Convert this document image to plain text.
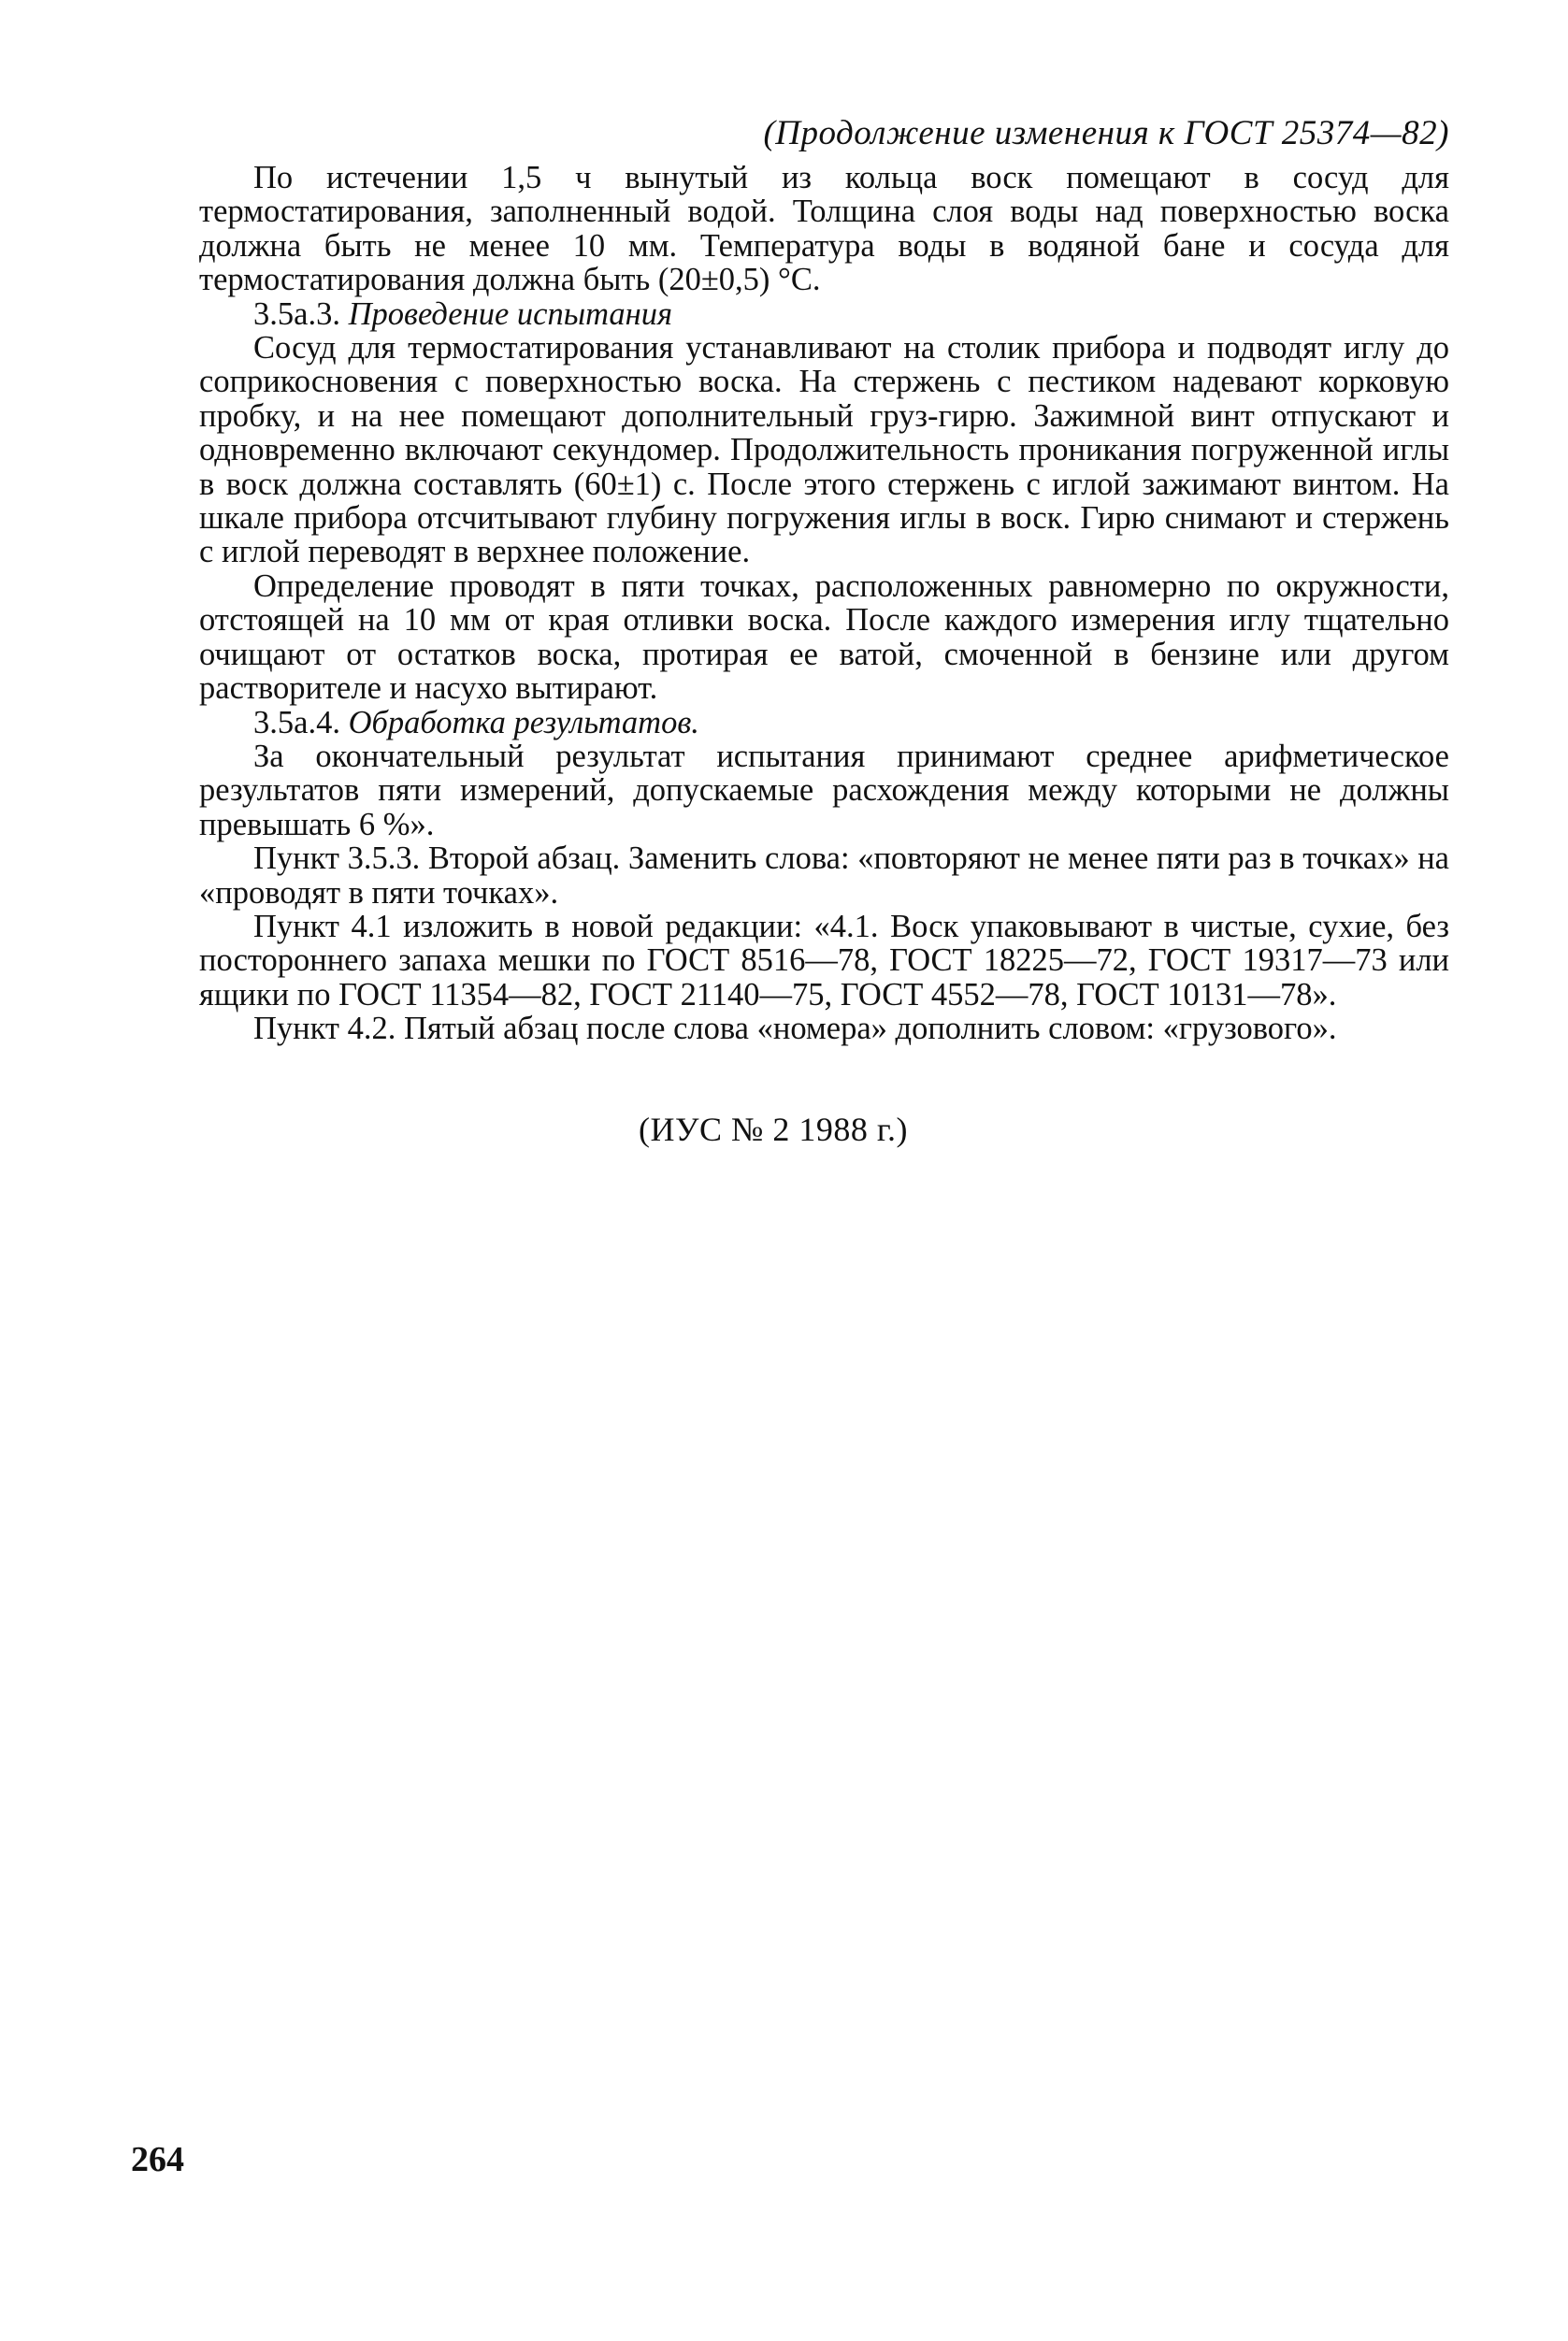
(Продолжение изменения к ГОСТ 25374—82)

По истечении 1,5 ч вынутый из кольца воск помещают в сосуд для термостатирования, заполненный водой. Толщина слоя воды над поверхностью воска должна быть не менее 10 мм. Температура воды в водяной бане и сосуда для термостатирования должна быть (20±0,5) °С.

3.5а.3. Проведение испытания

Сосуд для термостатирования устанавливают на столик прибора и подводят иглу до соприкосновения с поверхностью воска. На стержень с пестиком надевают корковую пробку, и на нее помещают дополнительный груз-гирю. Зажимной винт отпускают и одновременно включают секундомер. Продолжительность проникания погруженной иглы в воск должна составлять (60±1) с. После этого стержень с иглой зажимают винтом. На шкале прибора отсчитывают глубину погружения иглы в воск. Гирю снимают и стержень с иглой переводят в верхнее положение.

Определение проводят в пяти точках, расположенных равномерно по окружности, отстоящей на 10 мм от края отливки воска. После каждого измерения иглу тщательно очищают от остатков воска, протирая ее ватой, смоченной в бензине или другом растворителе и насухо вытирают.

3.5а.4. Обработка результатов.

За окончательный результат испытания принимают среднее арифметическое результатов пяти измерений, допускаемые расхождения между которыми не должны превышать 6 %».

Пункт 3.5.3. Второй абзац. Заменить слова: «повторяют не менее пяти раз в точках» на «проводят в пяти точках».

Пункт 4.1 изложить в новой редакции: «4.1. Воск упаковывают в чистые, сухие, без постороннего запаха мешки по ГОСТ 8516—78, ГОСТ 18225—72, ГОСТ 19317—73 или ящики по ГОСТ 11354—82, ГОСТ 21140—75, ГОСТ 4552—78, ГОСТ 10131—78».

Пункт 4.2. Пятый абзац после слова «номера» дополнить словом: «грузового».

(ИУС № 2 1988 г.)
264
